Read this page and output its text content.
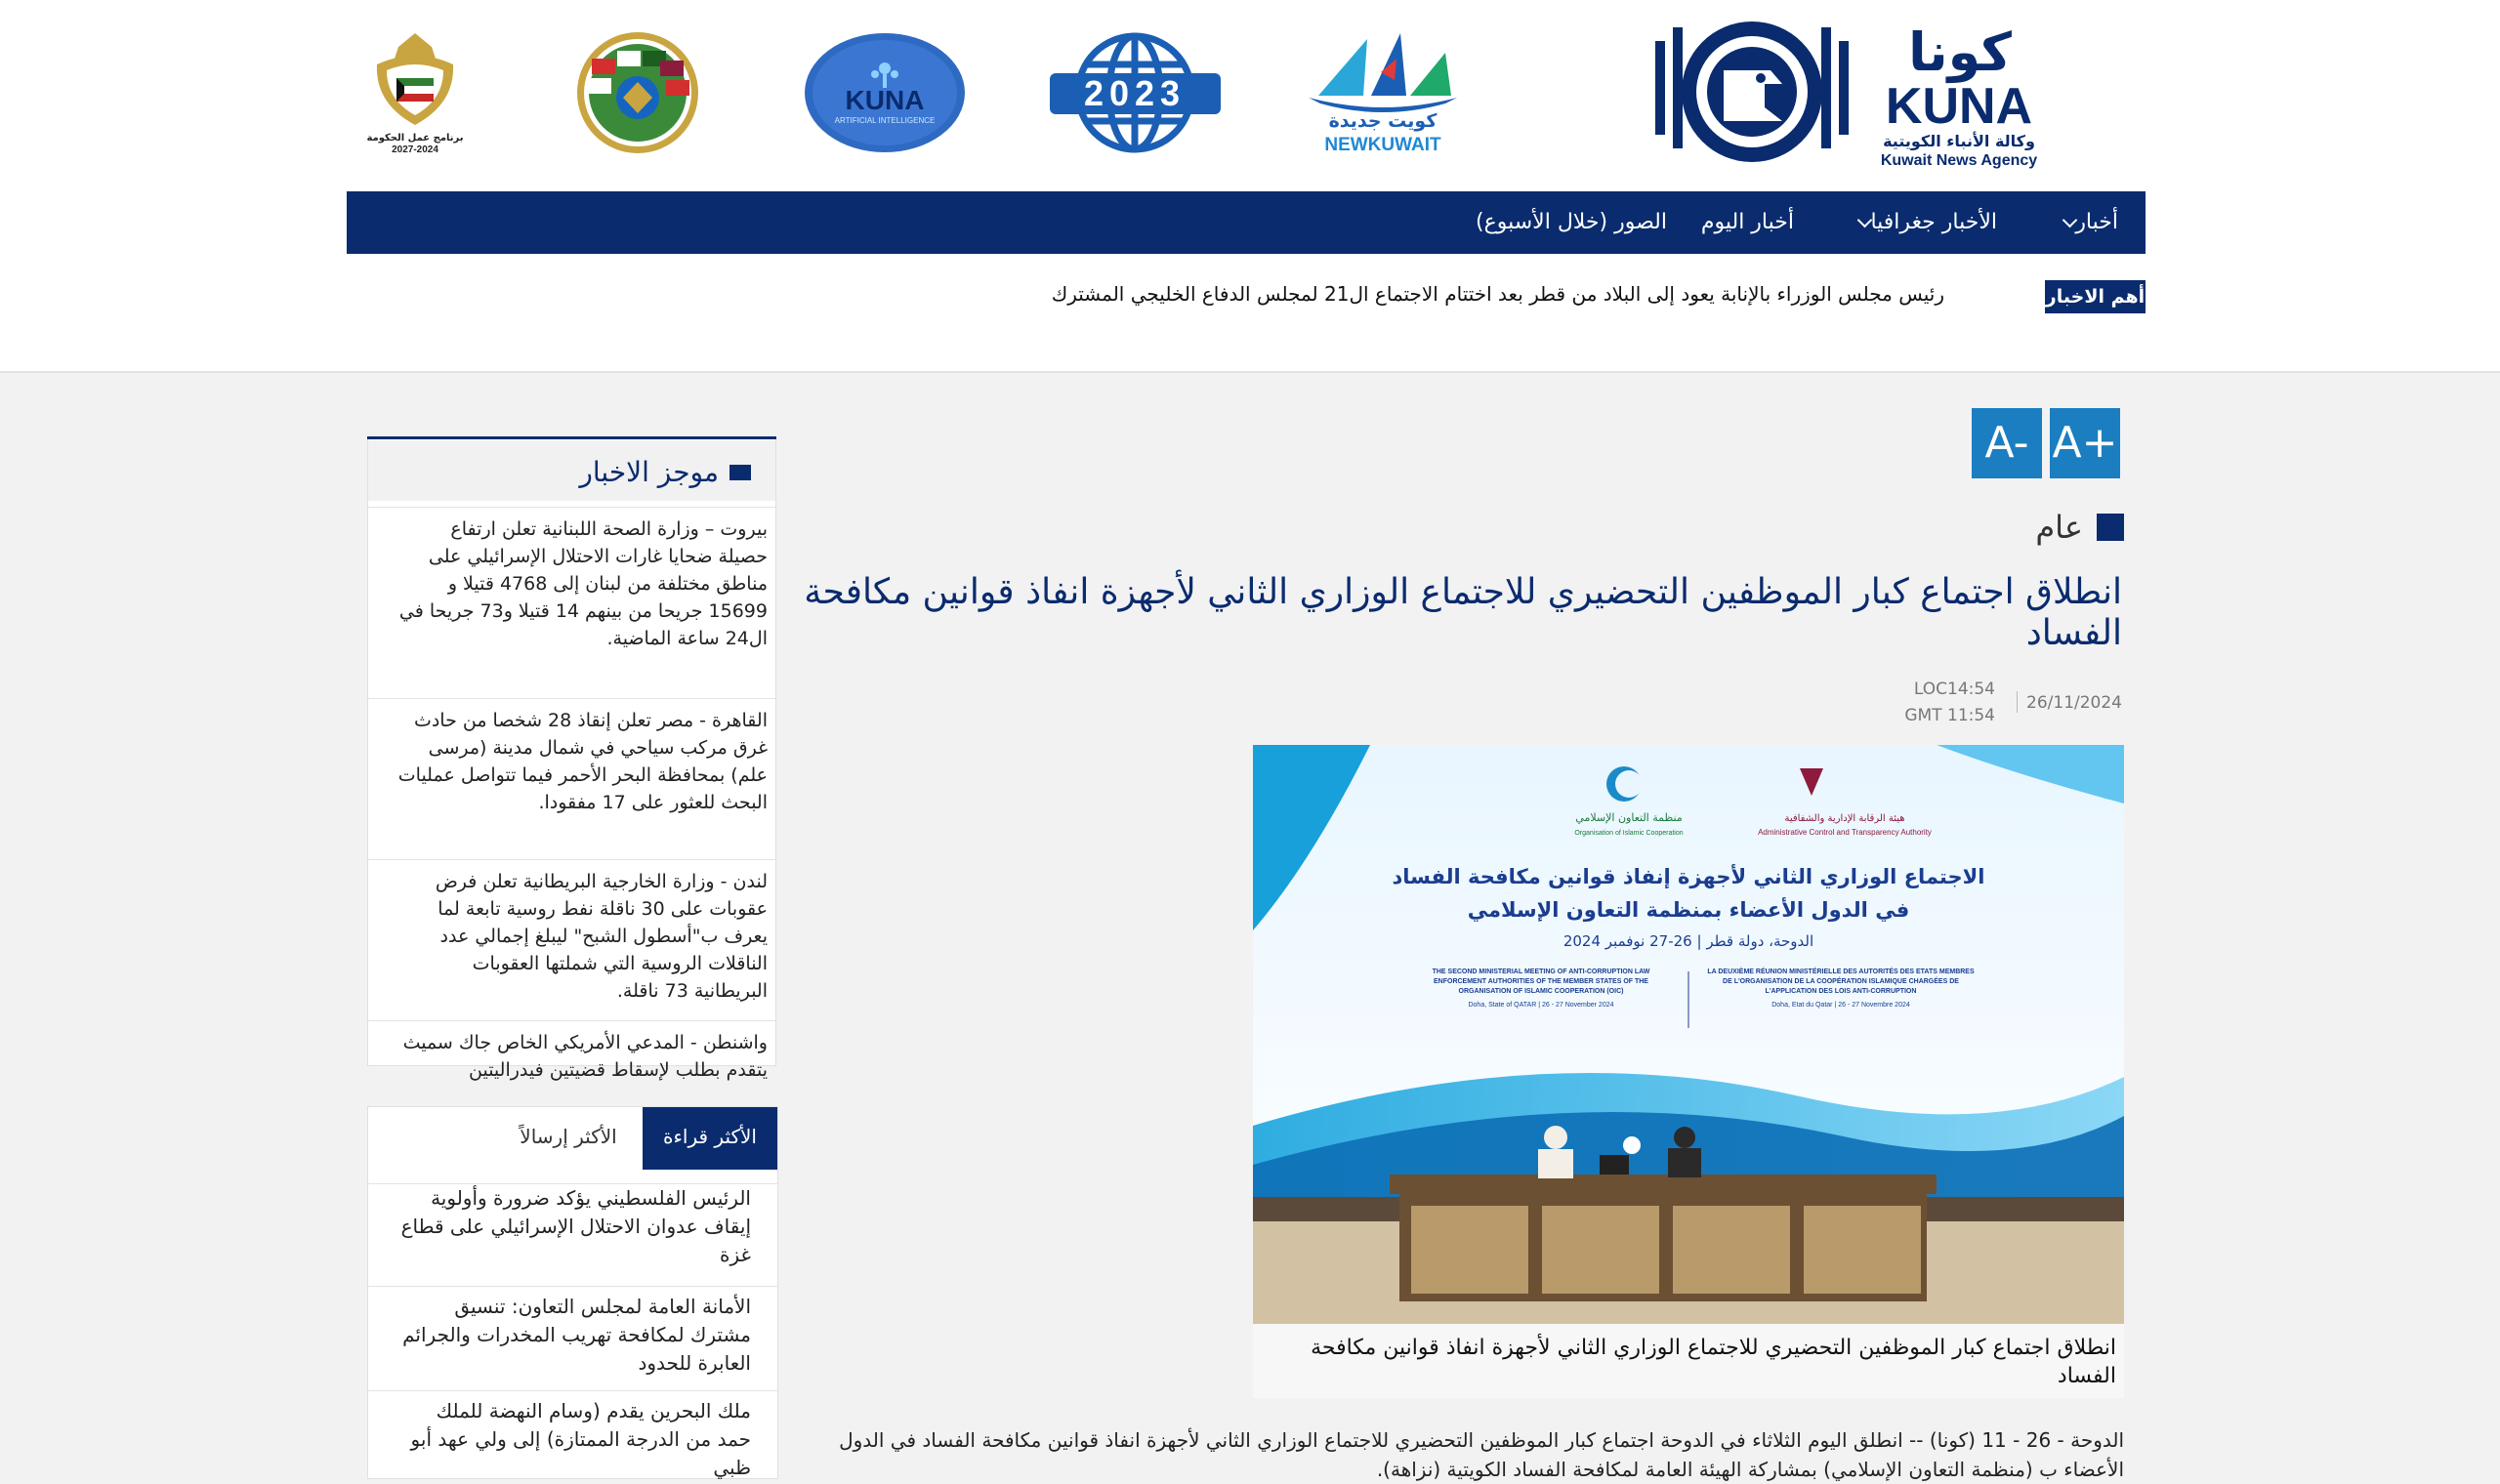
كونا
KUNA
وكالة الأنباء الكويتية
Kuwait News Agency
كويت جديدة
NEWKUWAIT
2023
KUNA
ARTIFICIAL INTELLIGENCE
برنامج عمل الحكومة
2027-2024
أخبار
الأخبار جغرافيا
أخبار اليوم
الصور (خلال الأسبوع)
أهم الاخبار
رئيس مجلس الوزراء بالإنابة يعود إلى البلاد من قطر بعد اختتام الاجتماع ال21 لمجلس الدفاع الخليجي المشترك
A+
A-
عام
انطلاق اجتماع كبار الموظفين التحضيري للاجتماع الوزاري الثاني لأجهزة انفاذ قوانين مكافحة الفساد
26/11/2024
LOC14:54
GMT 11:54
منظمة التعاون الإسلامي
Organisation of Islamic Cooperation
هيئة الرقابة الإدارية والشفافية
Administrative Control and Transparency Authority
الاجتماع الوزاري الثاني لأجهزة إنفاذ قوانين مكافحة الفساد
في الدول الأعضاء بمنظمة التعاون الإسلامي
الدوحة، دولة قطر | 26-27 نوفمبر 2024
THE SECOND MINISTERIAL MEETING OF ANTI-CORRUPTION LAW ENFORCEMENT AUTHORITIES OF THE MEMBER STATES OF THE ORGANISATION OF ISLAMIC COOPERATION (OIC)
Doha, State of QATAR | 26 - 27 November 2024
LA DEUXIÈME RÉUNION MINISTÉRIELLE DES AUTORITÉS DES ETATS MEMBRES DE L'ORGANISATION DE LA COOPÉRATION ISLAMIQUE CHARGÉES DE L'APPLICATION DES LOIS ANTI-CORRUPTION
Doha, Etat du Qatar | 26 - 27 Novembre 2024
انطلاق اجتماع كبار الموظفين التحضيري للاجتماع الوزاري الثاني لأجهزة انفاذ قوانين مكافحة الفساد
الدوحة - 26 - 11 (كونا) -- انطلق اليوم الثلاثاء في الدوحة اجتماع كبار الموظفين التحضيري للاجتماع الوزاري الثاني لأجهزة انفاذ قوانين مكافحة الفساد في الدول الأعضاء ب (منظمة التعاون الإسلامي) بمشاركة الهيئة العامة لمكافحة الفساد الكويتية (نزاهة).
موجز الاخبار
بيروت – وزارة الصحة اللبنانية تعلن ارتفاع حصيلة ضحايا غارات الاحتلال الإسرائيلي على مناطق مختلفة من لبنان إلى 4768 قتيلا و 15699 جريحا من بينهم 14 قتيلا و73 جريحا في ال24 ساعة الماضية.
القاهرة - مصر تعلن إنقاذ 28 شخصا من حادث غرق مركب سياحي في شمال مدينة (مرسى علم) بمحافظة البحر الأحمر فيما تتواصل عمليات البحث للعثور على 17 مفقودا.
لندن - وزارة الخارجية البريطانية تعلن فرض عقوبات على 30 ناقلة نفط روسية تابعة لما يعرف ب"أسطول الشبح" ليبلغ إجمالي عدد الناقلات الروسية التي شملتها العقوبات البريطانية 73 ناقلة.
واشنطن - المدعي الأمريكي الخاص جاك سميث يتقدم بطلب لإسقاط قضيتين فيدراليتين
الأكثر قراءة
الأكثر إرسالاً
الرئيس الفلسطيني يؤكد ضرورة وأولوية إيقاف عدوان الاحتلال الإسرائيلي على قطاع غزة
الأمانة العامة لمجلس التعاون: تنسيق مشترك لمكافحة تهريب المخدرات والجرائم العابرة للحدود
ملك البحرين يقدم (وسام النهضة للملك حمد من الدرجة الممتازة) إلى ولي عهد أبو ظبي
